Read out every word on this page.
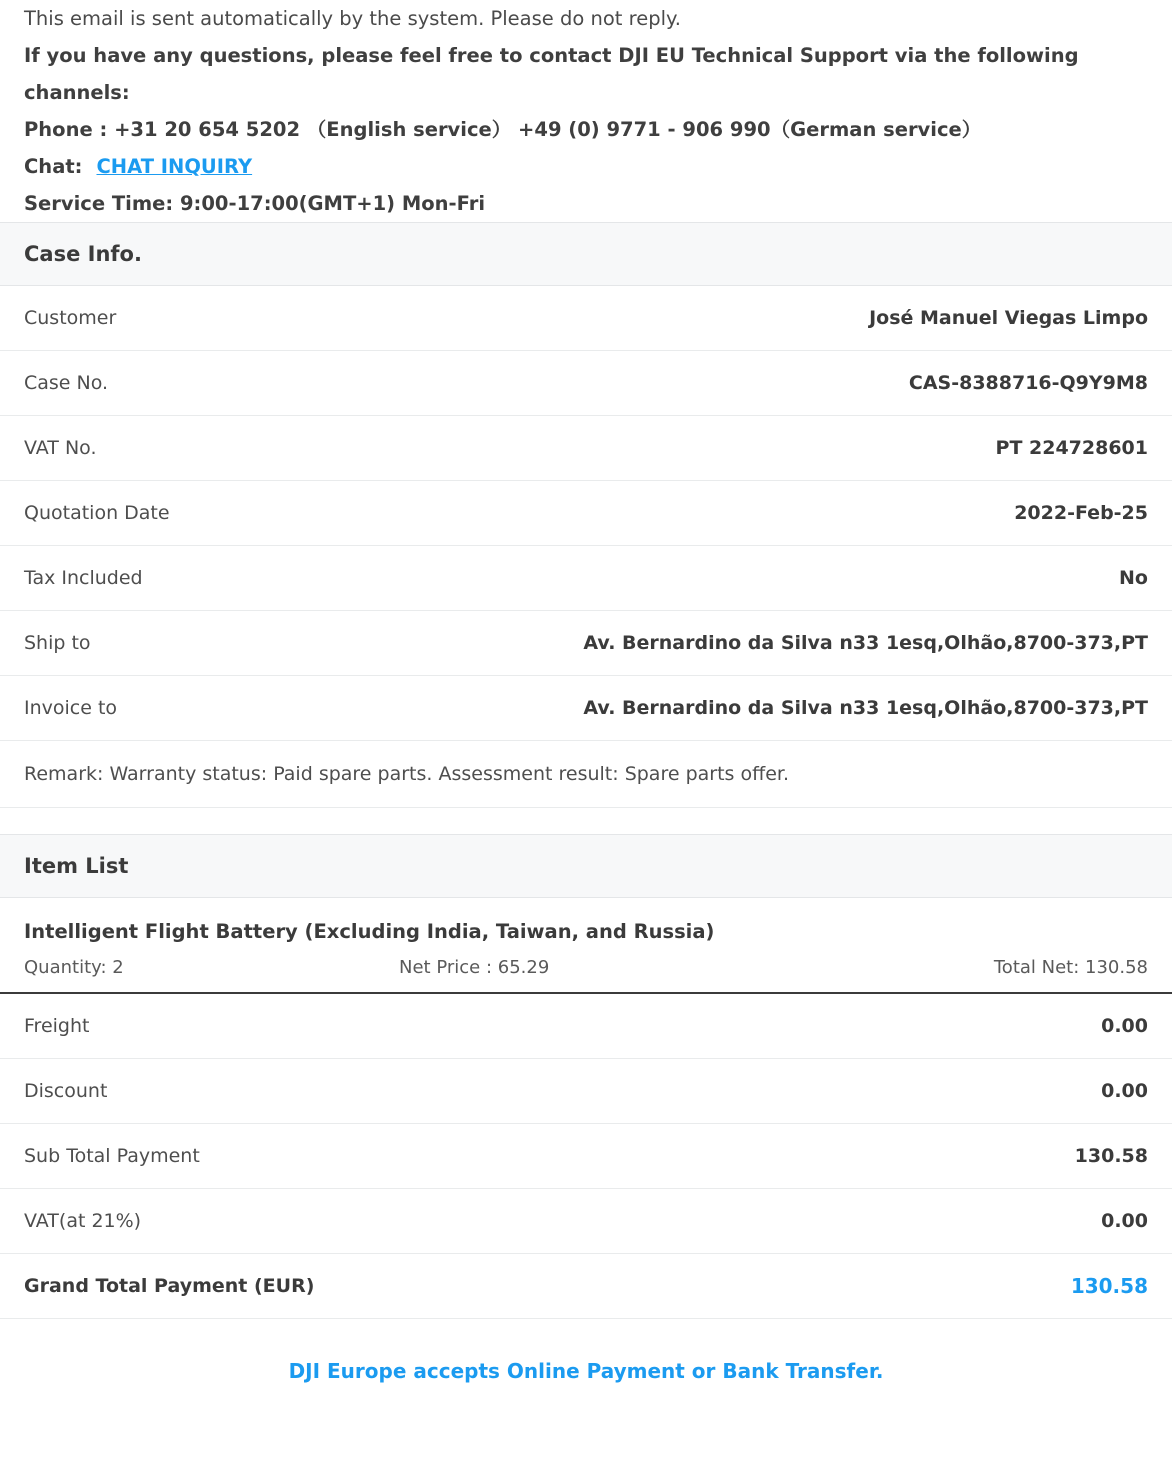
This email is sent automatically by the system. Please do not reply.

If you have any questions, please feel free to contact DJI EU Technical Support via the following channels:

Phone : +31 20 654 5202 （English service） +49 (0) 9771 - 906 990（German service）

Chat: CHAT INQUIRY

Service Time: 9:00-17:00(GMT+1) Mon-Fri

Case Info.
Customer	José Manuel Viegas Limpo
Case No.	CAS-8388716-Q9Y9M8
VAT No.	PT 224728601
Quotation Date	2022-Feb-25
Tax Included	No
Ship to	Av. Bernardino da Silva n33 1esq,Olhão,8700-373,PT
Invoice to	Av. Bernardino da Silva n33 1esq,Olhão,8700-373,PT
Remark: Warranty status: Paid spare parts. Assessment result: Spare parts offer.
Item List
Intelligent Flight Battery (Excluding India, Taiwan, and Russia)
Quantity: 2	Net Price : 65.29	Total Net: 130.58
Freight	0.00
Discount	0.00
Sub Total Payment	130.58
VAT(at 21%)	0.00
Grand Total Payment (EUR)	130.58
DJI Europe accepts Online Payment or Bank Transfer.
